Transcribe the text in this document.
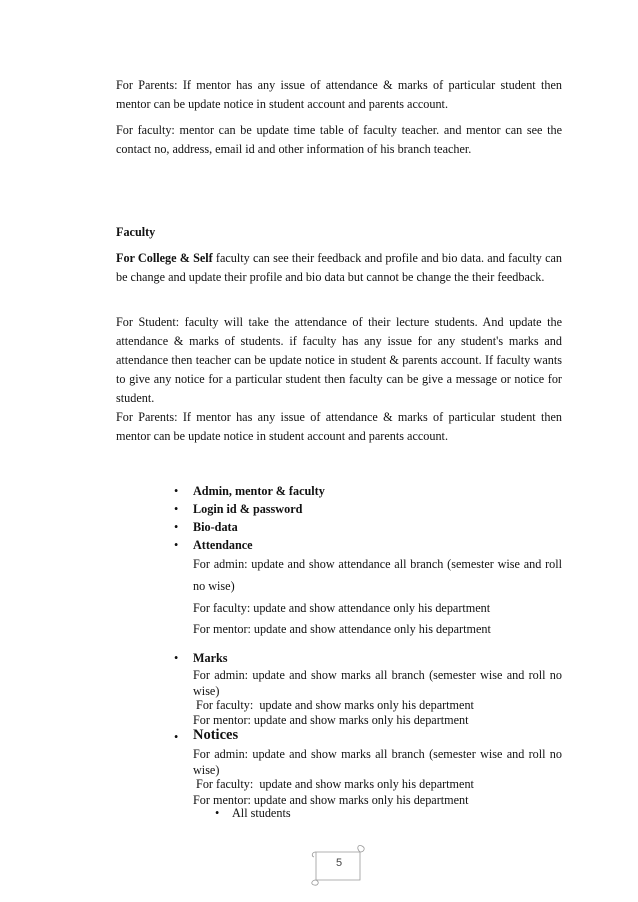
For Parents: If mentor has any issue of attendance & marks of particular student then mentor can be update notice in student account and parents account.

For faculty: mentor can be update time table of faculty teacher. and mentor can see the contact no, address, email id and other information of his branch teacher.

Faculty

For College & Self faculty can see their feedback and profile and bio data. and faculty can be change and update their profile and bio data but cannot be change the their feedback.

For Student: faculty will take the attendance of their lecture students. And update the attendance & marks of students. if faculty has any issue for any student's marks and attendance then teacher can be update notice in student & parents account. If faculty wants to give any notice for a particular student then faculty can be give a message or notice for student.

For Parents: If mentor has any issue of attendance & marks of particular student then mentor can be update notice in student account and parents account.

• Admin, mentor & faculty
• Login id & password
• Bio-data
• Attendance
For admin: update and show attendance all branch (semester wise and roll no wise)
For faculty: update and show attendance only his department
For mentor: update and show attendance only his department
• Marks
For admin: update and show marks all branch (semester wise and roll no wise)
For faculty:  update and show marks only his department
For mentor: update and show marks only his department
• Notices
For admin: update and show marks all branch (semester wise and roll no wise)
For faculty:  update and show marks only his department
For mentor: update and show marks only his department
• All students
5
